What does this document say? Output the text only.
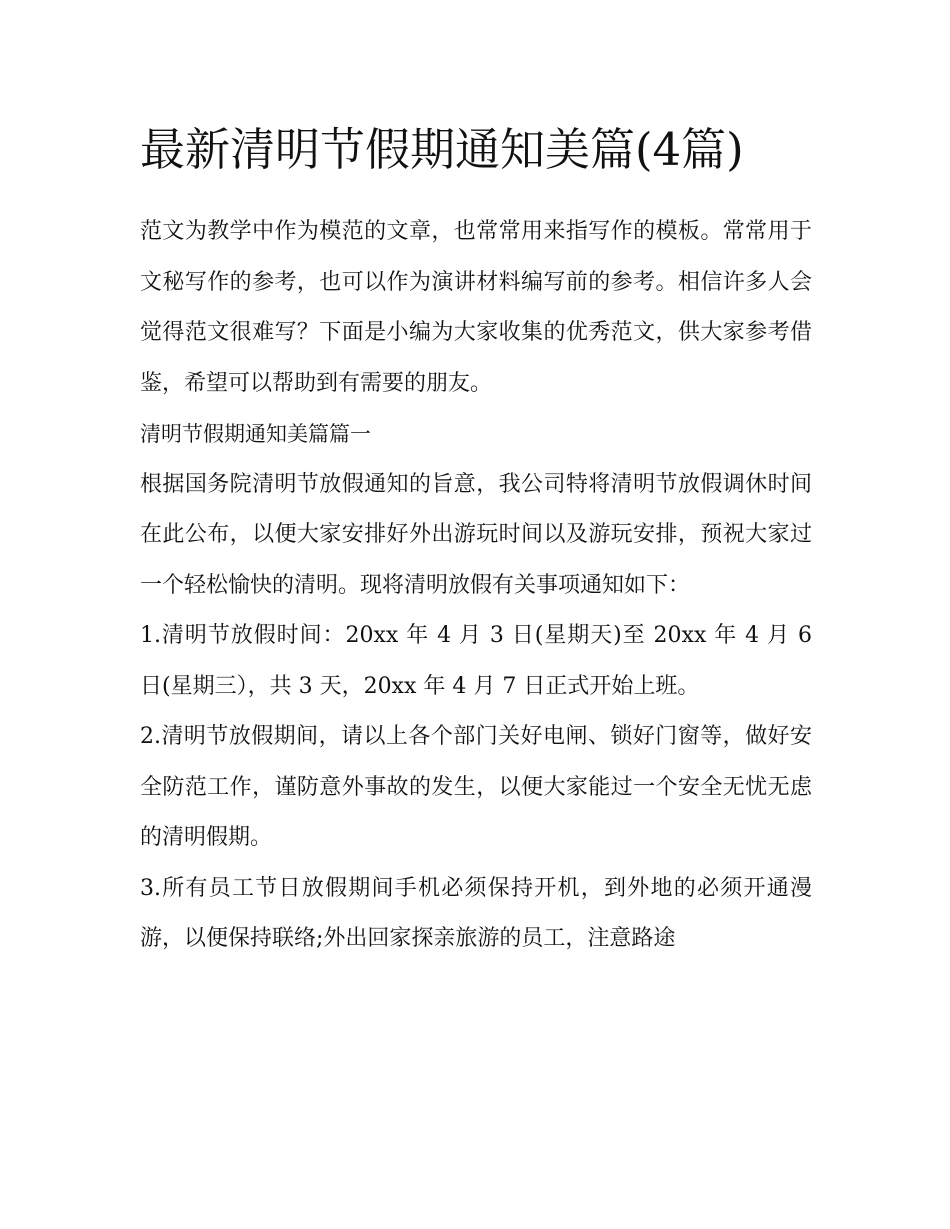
最新清明节假期通知美篇(4篇)

范文为教学中作为模范的文章，也常常用来指写作的模板。常常用于文秘写作的参考，也可以作为演讲材料编写前的参考。相信许多人会觉得范文很难写？下面是小编为大家收集的优秀范文，供大家参考借鉴，希望可以帮助到有需要的朋友。

清明节假期通知美篇篇一

根据国务院清明节放假通知的旨意，我公司特将清明节放假调休时间在此公布，以便大家安排好外出游玩时间以及游玩安排，预祝大家过一个轻松愉快的清明。现将清明放假有关事项通知如下：

1.清明节放假时间：20xx 年 4 月 3 日(星期天)至 20xx 年 4 月 6 日(星期三），共 3 天，20xx 年 4 月 7 日正式开始上班。

2.清明节放假期间，请以上各个部门关好电闸、锁好门窗等，做好安全防范工作，谨防意外事故的发生，以便大家能过一个安全无忧无虑的清明假期。

3.所有员工节日放假期间手机必须保持开机，到外地的必须开通漫游，以便保持联络;外出回家探亲旅游的员工，注意路途
